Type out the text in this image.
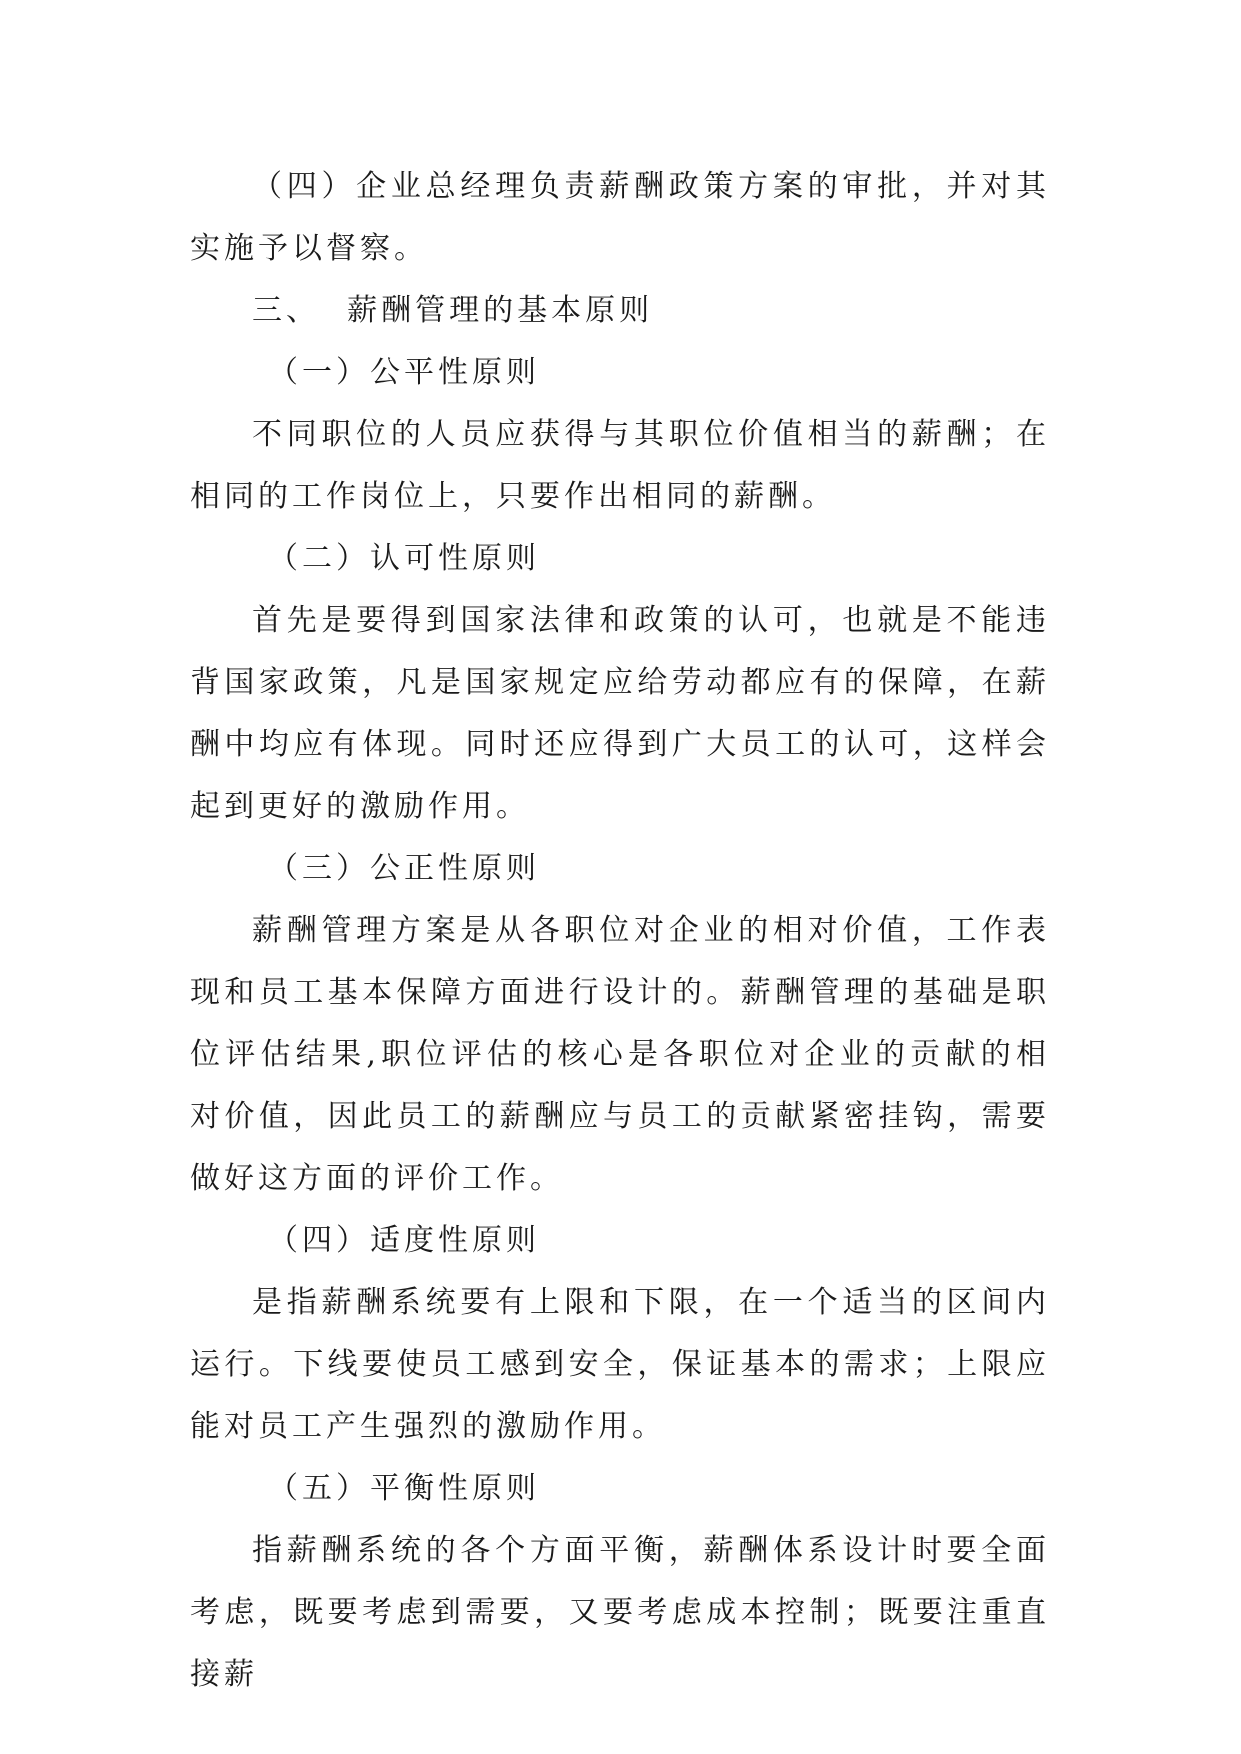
（四）企业总经理负责薪酬政策方案的审批，并对其实施予以督察。

三、  薪酬管理的基本原则

（一）公平性原则

不同职位的人员应获得与其职位价值相当的薪酬；在相同的工作岗位上，只要作出相同的薪酬。

（二）认可性原则

首先是要得到国家法律和政策的认可，也就是不能违背国家政策，凡是国家规定应给劳动都应有的保障，在薪酬中均应有体现。同时还应得到广大员工的认可，这样会起到更好的激励作用。

（三）公正性原则

薪酬管理方案是从各职位对企业的相对价值，工作表现和员工基本保障方面进行设计的。薪酬管理的基础是职位评估结果,职位评估的核心是各职位对企业的贡献的相对价值，因此员工的薪酬应与员工的贡献紧密挂钩，需要做好这方面的评价工作。

（四）适度性原则

是指薪酬系统要有上限和下限，在一个适当的区间内运行。下线要使员工感到安全，保证基本的需求；上限应能对员工产生强烈的激励作用。

（五）平衡性原则

指薪酬系统的各个方面平衡，薪酬体系设计时要全面考虑，既要考虑到需要，又要考虑成本控制；既要注重直接薪
